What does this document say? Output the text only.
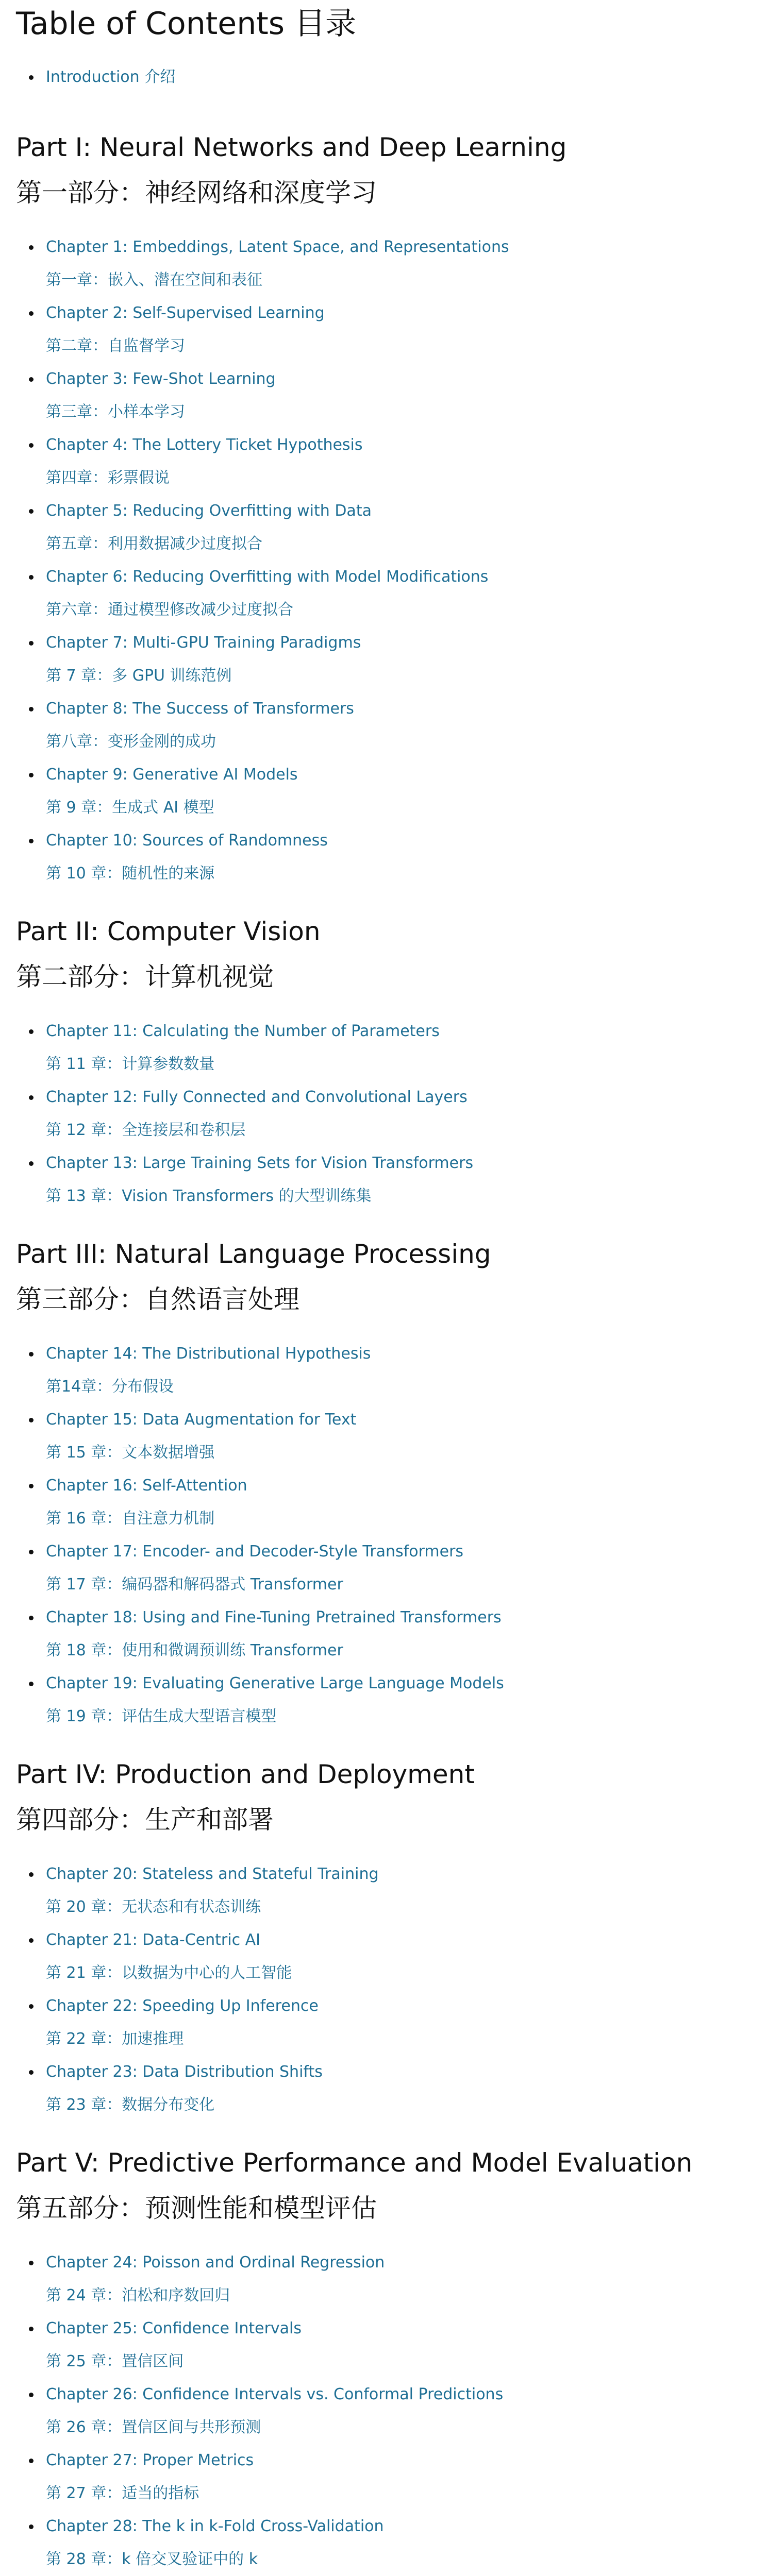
Table of Contents 目录
Introduction 介绍
Part I: Neural Networks and Deep Learning
第一部分：神经网络和深度学习
Chapter 1: Embeddings, Latent Space, and Representations
第一章：嵌入、潜在空间和表征
Chapter 2: Self-Supervised Learning
第二章：自监督学习
Chapter 3: Few-Shot Learning
第三章：小样本学习
Chapter 4: The Lottery Ticket Hypothesis
第四章：彩票假说
Chapter 5: Reducing Overfitting with Data
第五章：利用数据减少过度拟合
Chapter 6: Reducing Overfitting with Model Modifications
第六章：通过模型修改减少过度拟合
Chapter 7: Multi-GPU Training Paradigms
第 7 章：多 GPU 训练范例
Chapter 8: The Success of Transformers
第八章：变形金刚的成功
Chapter 9: Generative AI Models
第 9 章：生成式 AI 模型
Chapter 10: Sources of Randomness
第 10 章：随机性的来源
Part II: Computer Vision
第二部分：计算机视觉
Chapter 11: Calculating the Number of Parameters
第 11 章：计算参数数量
Chapter 12: Fully Connected and Convolutional Layers
第 12 章：全连接层和卷积层
Chapter 13: Large Training Sets for Vision Transformers
第 13 章：Vision Transformers 的大型训练集
Part III: Natural Language Processing
第三部分：自然语言处理
Chapter 14: The Distributional Hypothesis
第14章：分布假设
Chapter 15: Data Augmentation for Text
第 15 章：文本数据增强
Chapter 16: Self-Attention
第 16 章：自注意力机制
Chapter 17: Encoder- and Decoder-Style Transformers
第 17 章：编码器和解码器式 Transformer
Chapter 18: Using and Fine-Tuning Pretrained Transformers
第 18 章：使用和微调预训练 Transformer
Chapter 19: Evaluating Generative Large Language Models
第 19 章：评估生成大型语言模型
Part IV: Production and Deployment
第四部分：生产和部署
Chapter 20: Stateless and Stateful Training
第 20 章：无状态和有状态训练
Chapter 21: Data-Centric AI
第 21 章：以数据为中心的人工智能
Chapter 22: Speeding Up Inference
第 22 章：加速推理
Chapter 23: Data Distribution Shifts
第 23 章：数据分布变化
Part V: Predictive Performance and Model Evaluation
第五部分：预测性能和模型评估
Chapter 24: Poisson and Ordinal Regression
第 24 章：泊松和序数回归
Chapter 25: Confidence Intervals
第 25 章：置信区间
Chapter 26: Confidence Intervals vs. Conformal Predictions
第 26 章：置信区间与共形预测
Chapter 27: Proper Metrics
第 27 章：适当的指标
Chapter 28: The k in k-Fold Cross-Validation
第 28 章：k 倍交叉验证中的 k
